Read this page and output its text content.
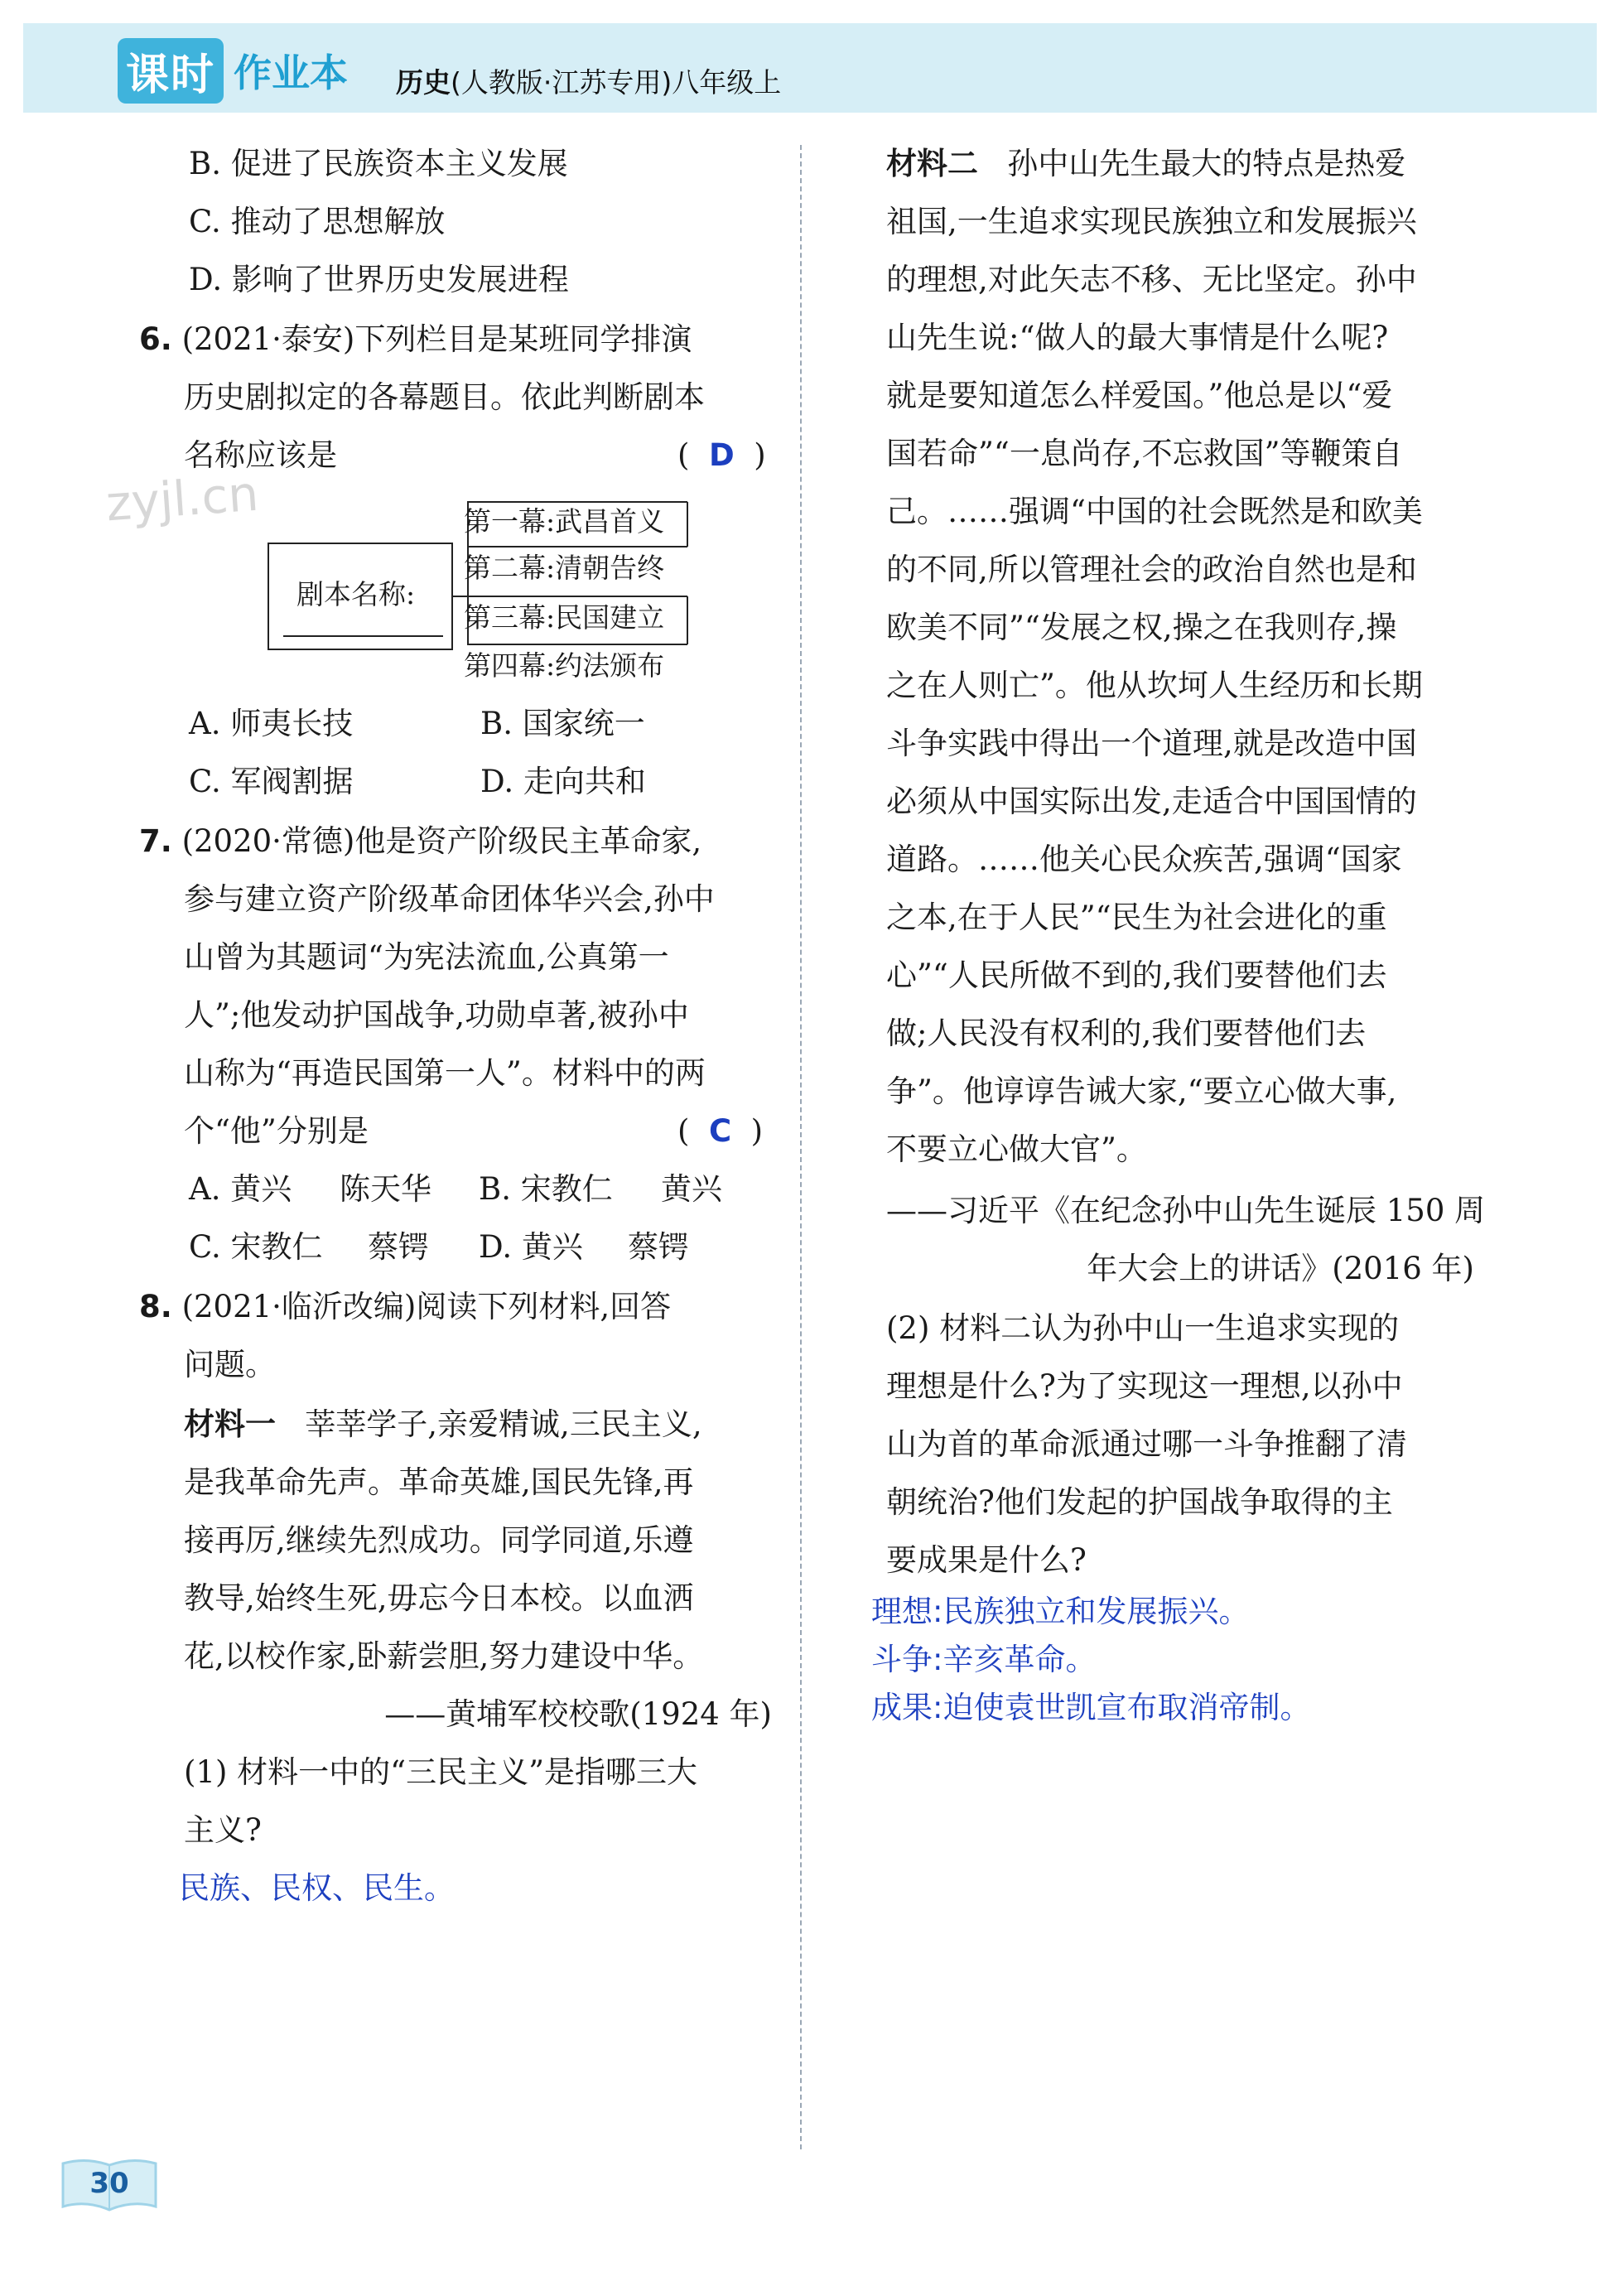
课时 作业本 历史(人教版·江苏专用)八年级上
zyjl.cn
B. 促进了民族资本主义发展
C. 推动了思想解放
D. 影响了世界历史发展进程
6. (2021·泰安)下列栏目是某班同学排演
历史剧拟定的各幕题目。依此判断剧本
名称应该是	( D )
剧本名称:
第一幕:武昌首义
第二幕:清朝告终
第三幕:民国建立
第四幕:约法颁布
A. 师夷长技	B. 国家统一
C. 军阀割据	D. 走向共和
7. (2020·常德)他是资产阶级民主革命家,
参与建立资产阶级革命团体华兴会,孙中
山曾为其题词“为宪法流血,公真第一
人”;他发动护国战争,功勋卓著,被孙中
山称为“再造民国第一人”。材料中的两
个“他”分别是	( C )
A. 黄兴 陈天华 B. 宋教仁 黄兴
C. 宋教仁 蔡锷 D. 黄兴 蔡锷
8. (2021·临沂改编)阅读下列材料,回答
问题。
材料一 莘莘学子,亲爱精诚,三民主义,
是我革命先声。革命英雄,国民先锋,再
接再厉,继续先烈成功。同学同道,乐遵
教导,始终生死,毋忘今日本校。以血洒
花,以校作家,卧薪尝胆,努力建设中华。
——黄埔军校校歌(1924 年)
(1) 材料一中的“三民主义”是指哪三大
主义?
民族、民权、民生。
材料二 孙中山先生最大的特点是热爱
祖国,一生追求实现民族独立和发展振兴
的理想,对此矢志不移、无比坚定。孙中
山先生说:“做人的最大事情是什么呢?
就是要知道怎么样爱国。”他总是以“爱
国若命”“一息尚存,不忘救国”等鞭策自
己。……强调“中国的社会既然是和欧美
的不同,所以管理社会的政治自然也是和
欧美不同”“发展之权,操之在我则存,操
之在人则亡”。他从坎坷人生经历和长期
斗争实践中得出一个道理,就是改造中国
必须从中国实际出发,走适合中国国情的
道路。……他关心民众疾苦,强调“国家
之本,在于人民”“民生为社会进化的重
心”“人民所做不到的,我们要替他们去
做;人民没有权利的,我们要替他们去
争”。他谆谆告诫大家,“要立心做大事,
不要立心做大官”。
——习近平《在纪念孙中山先生诞辰 150 周
年大会上的讲话》(2016 年)
(2) 材料二认为孙中山一生追求实现的
理想是什么?为了实现这一理想,以孙中
山为首的革命派通过哪一斗争推翻了清
朝统治?他们发起的护国战争取得的主
要成果是什么?
理想:民族独立和发展振兴。
斗争:辛亥革命。
成果:迫使袁世凯宣布取消帝制。
30
